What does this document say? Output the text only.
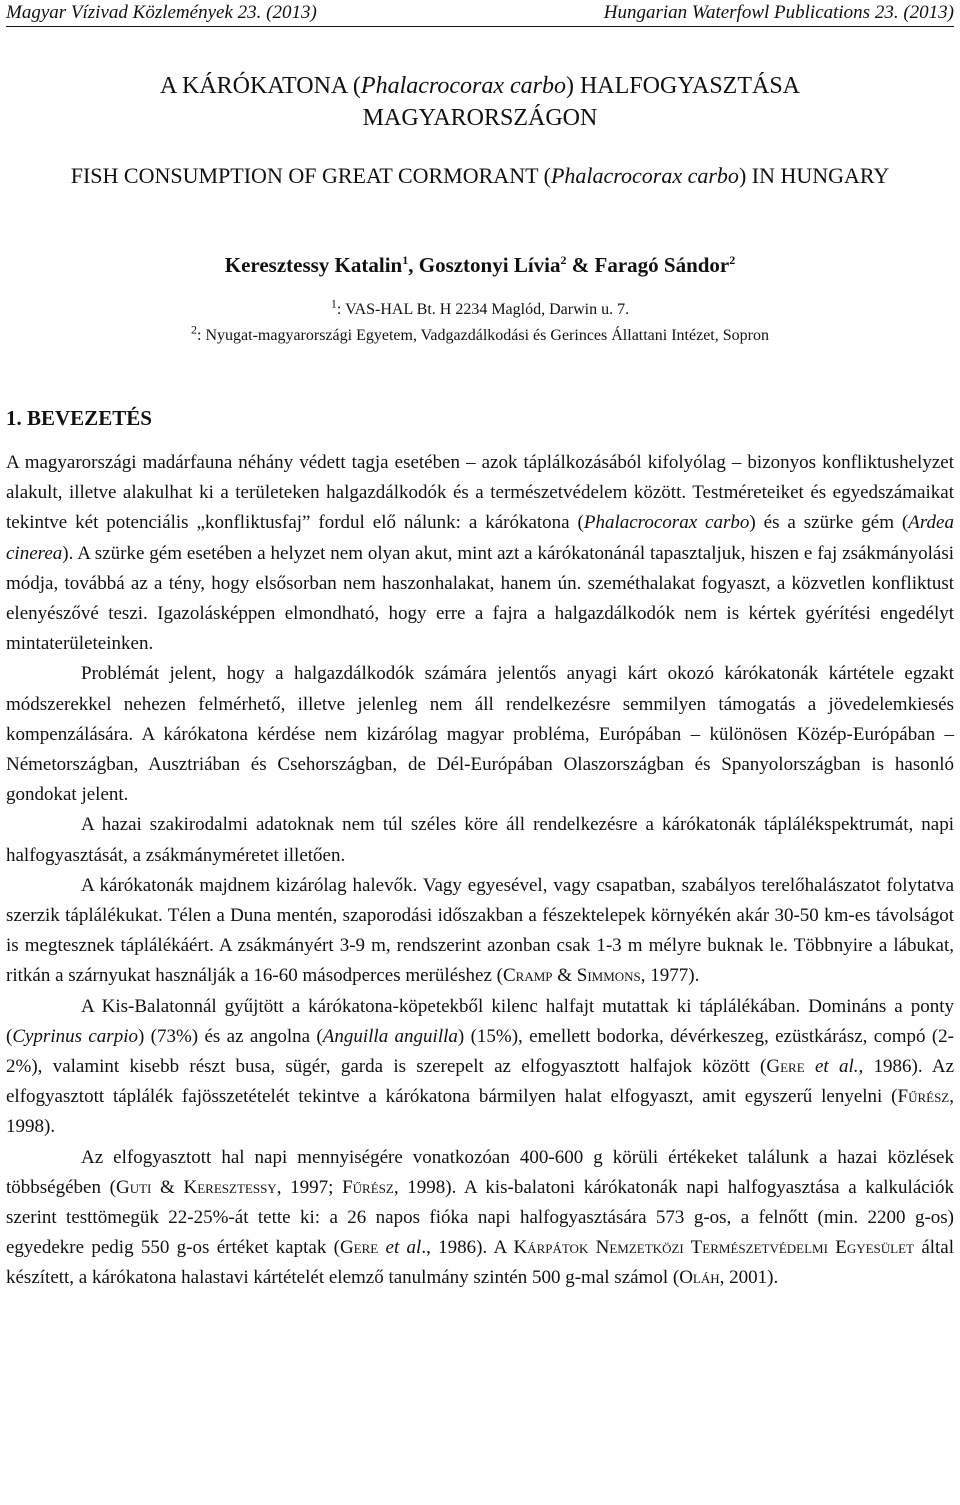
Magyar Vízivad Közlemények 23. (2013)	Hungarian Waterfowl Publications 23. (2013)
A KÁRÓKATONA (Phalacrocorax carbo) HALFOGYASZTÁSA
MAGYARORSZÁGON
FISH CONSUMPTION OF GREAT CORMORANT (Phalacrocorax carbo) IN HUNGARY
Keresztessy Katalin$^1$, Gosztonyi Lívia$^2$ & Faragó Sándor$^2$
$^1$: VAS-HAL Bt. H 2234 Maglód, Darwin u. 7.
$^2$: Nyugat-magyarországi Egyetem, Vadgazdálkodási és Gerinces Állattani Intézet, Sopron
1. BEVEZETÉS

A magyarországi madárfauna néhány védett tagja esetében – azok táplálkozásából kifolyólag – bizonyos konfliktushelyzet alakult, illetve alakulhat ki a területeken halgazdálkodók és a természetvédelem között. Testméreteiket és egyedszámaikat tekintve két potenciális „konfliktusfaj” fordul elő nálunk: a kárókatona (Phalacrocorax carbo) és a szürke gém (Ardea cinerea). A szürke gém esetében a helyzet nem olyan akut, mint azt a kárókatonánál tapasztaljuk, hiszen e faj zsákmányolási módja, továbbá az a tény, hogy elsősorban nem haszonhalakat, hanem ún. szeméthalakat fogyaszt, a közvetlen konfliktust elenyészővé teszi. Igazolásképpen elmondható, hogy erre a fajra a halgazdálkodók nem is kértek gyérítési engedélyt mintaterületeinken.

Problémát jelent, hogy a halgazdálkodók számára jelentős anyagi kárt okozó kárókatonák kártétele egzakt módszerekkel nehezen felmérhető, illetve jelenleg nem áll rendelkezésre semmilyen támogatás a jövedelemkiesés kompenzálására. A kárókatona kérdése nem kizárólag magyar probléma, Európában – különösen Közép-Európában – Németországban, Ausztriában és Csehországban, de Dél-Európában Olaszországban és Spanyolországban is hasonló gondokat jelent.

A hazai szakirodalmi adatoknak nem túl széles köre áll rendelkezésre a kárókatonák táplálékspektrumát, napi halfogyasztását, a zsákmányméretet illetően.

A kárókatonák majdnem kizárólag halevők. Vagy egyesével, vagy csapatban, szabályos terelőhalászatot folytatva szerzik táplálékukat. Télen a Duna mentén, szaporodási időszakban a fészektelepek környékén akár 30-50 km-es távolságot is megtesznek táplálékáért. A zsákmányért 3-9 m, rendszerint azonban csak 1-3 m mélyre buknak le. Többnyire a lábukat, ritkán a szárnyukat használják a 16-60 másodperces merüléshez (Cramp & Simmons, 1977).

A Kis-Balatonnál gyűjtött a kárókatona-köpetekből kilenc halfajt mutattak ki táplálékában. Domináns a ponty (Cyprinus carpio) (73%) és az angolna (Anguilla anguilla) (15%), emellett bodorka, dévérkeszeg, ezüstkárász, compó (2-2%), valamint kisebb részt busa, sügér, garda is szerepelt az elfogyasztott halfajok között (Gere et al., 1986). Az elfogyasztott táplálék fajösszetételét tekintve a kárókatona bármilyen halat elfogyaszt, amit egyszerű lenyelni (Fűrész, 1998).

Az elfogyasztott hal napi mennyiségére vonatkozóan 400-600 g körüli értékeket találunk a hazai közlések többségében (Guti & Keresztessy, 1997; Fűrész, 1998). A kis-balatoni kárókatonák napi halfogyasztása a kalkulációk szerint testtömegük 22-25%-át tette ki: a 26 napos fióka napi halfogyasztására 573 g-os, a felnőtt (min. 2200 g-os) egyedekre pedig 550 g-os értéket kaptak (Gere et al., 1986). A Kárpátok Nemzetközi Természetvédelmi Egyesület által készített, a kárókatona halastavi kártételét elemző tanulmány szintén 500 g-mal számol (Oláh, 2001).
